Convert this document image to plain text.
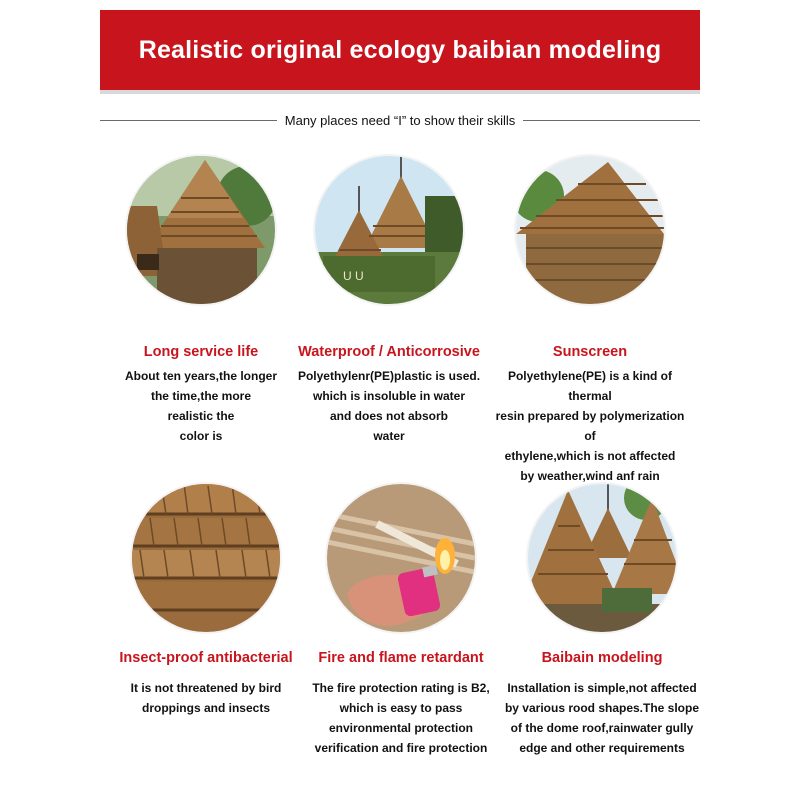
Realistic original ecology baibian modeling
Many places need “I” to show their skills
Long service life
About ten years,the longer
the time,the more
realistic the
color is
U U
Waterproof / Anticorrosive
Polyethylenr(PE)plastic is used.
which is insoluble in water
and does not absorb
water
Sunscreen
Polyethylene(PE) is a kind of thermal
resin prepared by polymerization of
ethylene,which is not affected
by weather,wind anf rain
Insect-proof antibacterial
It is not threatened by bird
droppings and insects
Fire and flame retardant
The fire protection rating is B2,
which is easy to pass
environmental protection
verification and fire protection
Baibain modeling
Installation is simple,not affected
by various rood shapes.The slope
of the dome roof,rainwater gully
edge and other requirements
